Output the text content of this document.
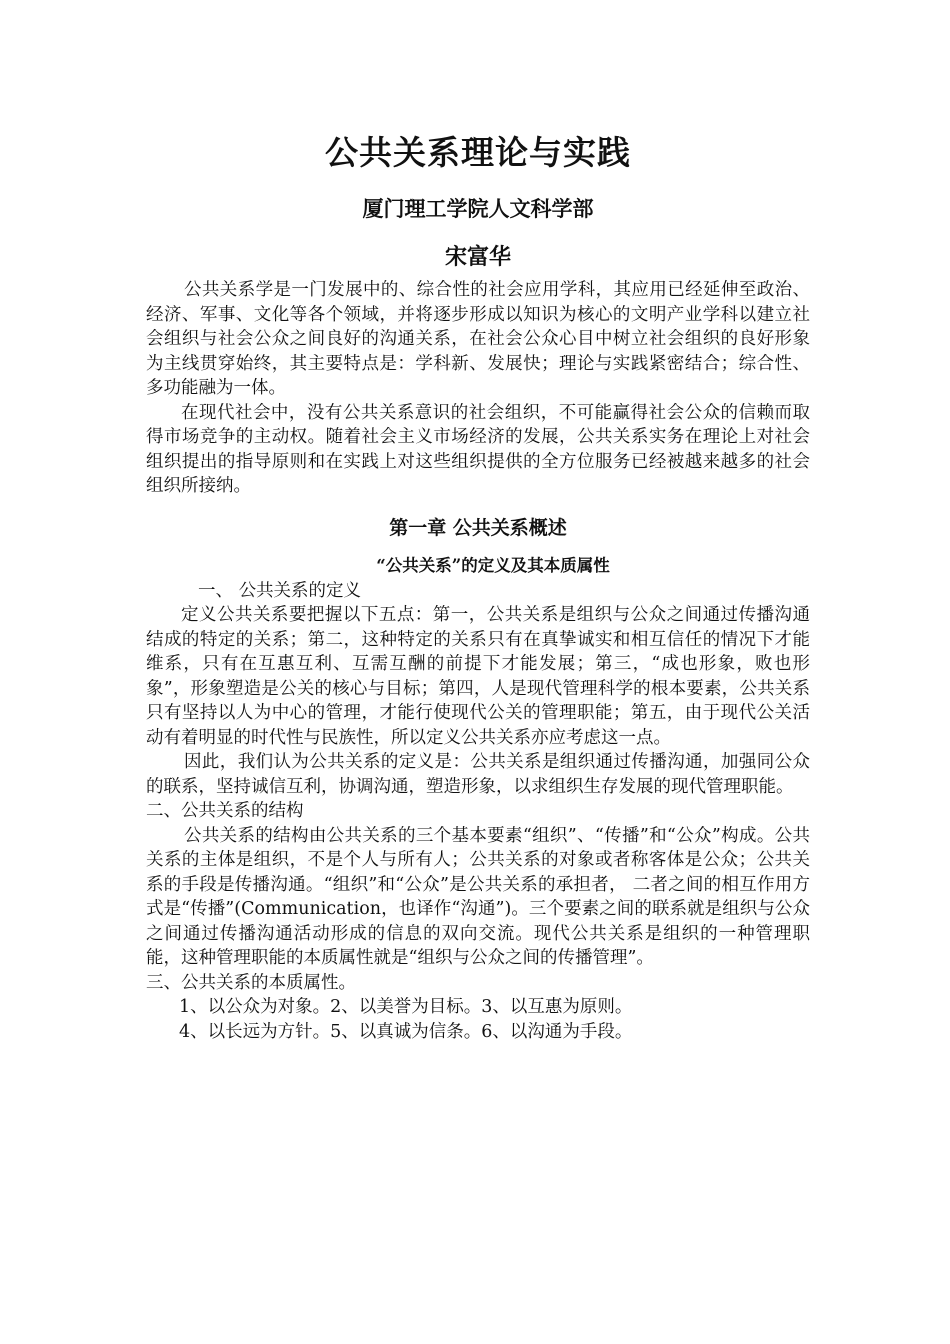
公共关系理论与实践
厦门理工学院人文科学部
宋富华

公共关系学是一门发展中的、综合性的社会应用学科，其应用已经延伸至政治、经济、军事、文化等各个领域，并将逐步形成以知识为核心的文明产业学科以建立社会组织与社会公众之间良好的沟通关系，在社会公众心目中树立社会组织的良好形象为主线贯穿始终，其主要特点是：学科新、发展快；理论与实践紧密结合；综合性、多功能融为一体。

在现代社会中，没有公共关系意识的社会组织，不可能赢得社会公众的信赖而取得市场竞争的主动权。随着社会主义市场经济的发展，公共关系实务在理论上对社会组织提出的指导原则和在实践上对这些组织提供的全方位服务已经被越来越多的社会组织所接纳。

第一章 公共关系概述
“公共关系”的定义及其本质属性
一、 公共关系的定义

定义公共关系要把握以下五点：第一，公共关系是组织与公众之间通过传播沟通结成的特定的关系；第二，这种特定的关系只有在真挚诚实和相互信任的情况下才能维系，只有在互惠互利、互需互酬的前提下才能发展；第三，“成也形象，败也形象”，形象塑造是公关的核心与目标；第四，人是现代管理科学的根本要素，公共关系只有坚持以人为中心的管理，才能行使现代公关的管理职能；第五，由于现代公关活动有着明显的时代性与民族性，所以定义公共关系亦应考虑这一点。

因此，我们认为公共关系的定义是：公共关系是组织通过传播沟通，加强同公众的联系，坚持诚信互利，协调沟通，塑造形象，以求组织生存发展的现代管理职能。

二、公共关系的结构

公共关系的结构由公共关系的三个基本要素“组织”、“传播”和“公众”构成。公共关系的主体是组织，不是个人与所有人；公共关系的对象或者称客体是公众；公共关系的手段是传播沟通。“组织”和“公众”是公共关系的承担者， 二者之间的相互作用方式是“传播”(Communication，也译作“沟通”)。三个要素之间的联系就是组织与公众之间通过传播沟通活动形成的信息的双向交流。现代公共关系是组织的一种管理职能，这种管理职能的本质属性就是“组织与公众之间的传播管理”。

三、公共关系的本质属性。
1、以公众为对象。2、以美誉为目标。3、以互惠为原则。
4、以长远为方针。5、以真诚为信条。6、以沟通为手段。
